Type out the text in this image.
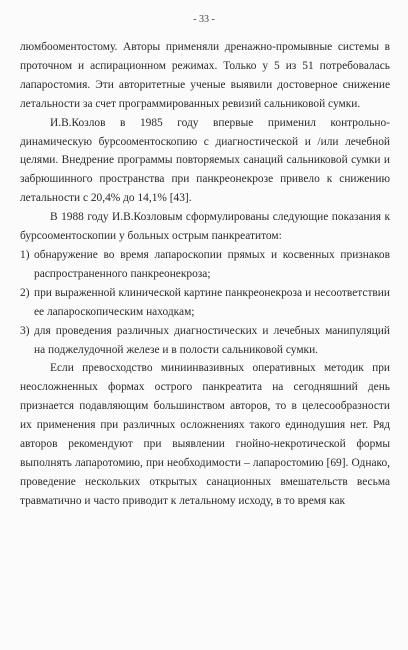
- 33 -

люмбооментостому. Авторы применяли дренажно-промывные системы в проточном и аспирационном режимах. Только у 5 из 51 потребовалась лапаростомия. Эти авторитетные ученые выявили достоверное снижение летальности за счет программированных ревизий сальниковой сумки.

И.В.Козлов в 1985 году впервые применил контрольно-динамическую бурсооментоскопию с диагностической и /или лечебной целями. Внедрение программы повторяемых санаций сальниковой сумки и забрюшинного пространства при панкреонекрозе привело к снижению летальности с 20,4% до 14,1% [43].

В 1988 году И.В.Козловым сформулированы следующие показания к бурсооментоскопии у больных острым панкреатитом:

1) обнаружение во время лапароскопии прямых и косвенных признаков распространенного панкреонекроза;
2) при выраженной клинической картине панкреонекроза и несоответствии ее лапароскопическим находкам;
3) для проведения различных диагностических и лечебных манипуляций на поджелудочной железе и в полости сальниковой сумки.

Если превосходство миниинвазивных оперативных методик при неосложненных формах острого панкреатита на сегодняшний день признается подавляющим большинством авторов, то в целесообразности их применения при различных осложнениях такого единодушия нет. Ряд авторов рекомендуют при выявлении гнойно-некротической формы выполнять лапаротомию, при необходимости – лапаростомию [69]. Однако, проведение нескольких открытых санационных вмешательств весьма травматично и часто приводит к летальному исходу, в то время как
